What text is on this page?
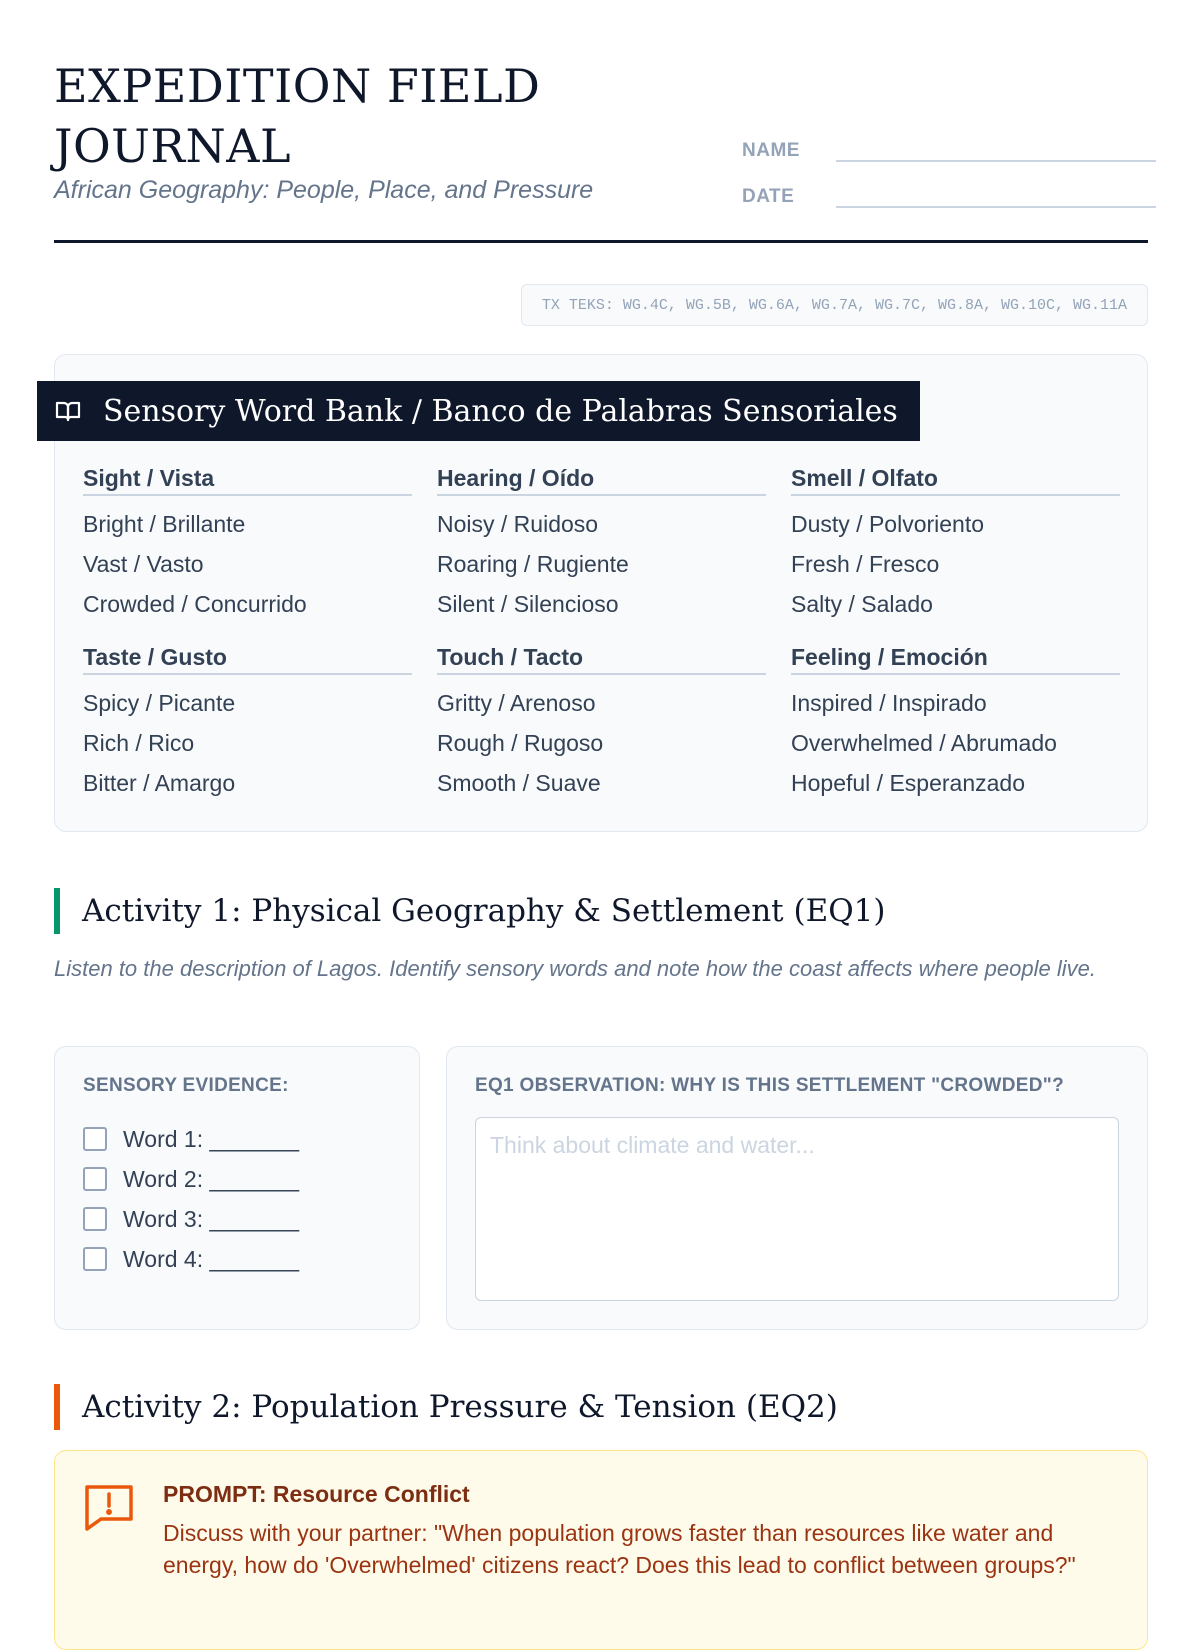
EXPEDITION FIELD
JOURNAL
African Geography: People, Place, and Pressure
NAME
DATE
TX TEKS: WG.4C, WG.5B, WG.6A, WG.7A, WG.7C, WG.8A, WG.10C, WG.11A
Sensory Word Bank / Banco de Palabras Sensoriales
Sight / Vista
Bright / Brillante
Vast / Vasto
Crowded / Concurrido
Hearing / Oído
Noisy / Ruidoso
Roaring / Rugiente
Silent / Silencioso
Smell / Olfato
Dusty / Polvoriento
Fresh / Fresco
Salty / Salado
Taste / Gusto
Spicy / Picante
Rich / Rico
Bitter / Amargo
Touch / Tacto
Gritty / Arenoso
Rough / Rugoso
Smooth / Suave
Feeling / Emoción
Inspired / Inspirado
Overwhelmed / Abrumado
Hopeful / Esperanzado
Activity 1: Physical Geography & Settlement (EQ1)
Listen to the description of Lagos. Identify sensory words and note how the coast affects where people live.
SENSORY EVIDENCE:
Word 1: _______
Word 2: _______
Word 3: _______
Word 4: _______
EQ1 OBSERVATION: WHY IS THIS SETTLEMENT "CROWDED"?
Think about climate and water...
Activity 2: Population Pressure & Tension (EQ2)
PROMPT: Resource Conflict
Discuss with your partner: "When population grows faster than resources like water and energy, how do 'Overwhelmed' citizens react? Does this lead to conflict between groups?"
